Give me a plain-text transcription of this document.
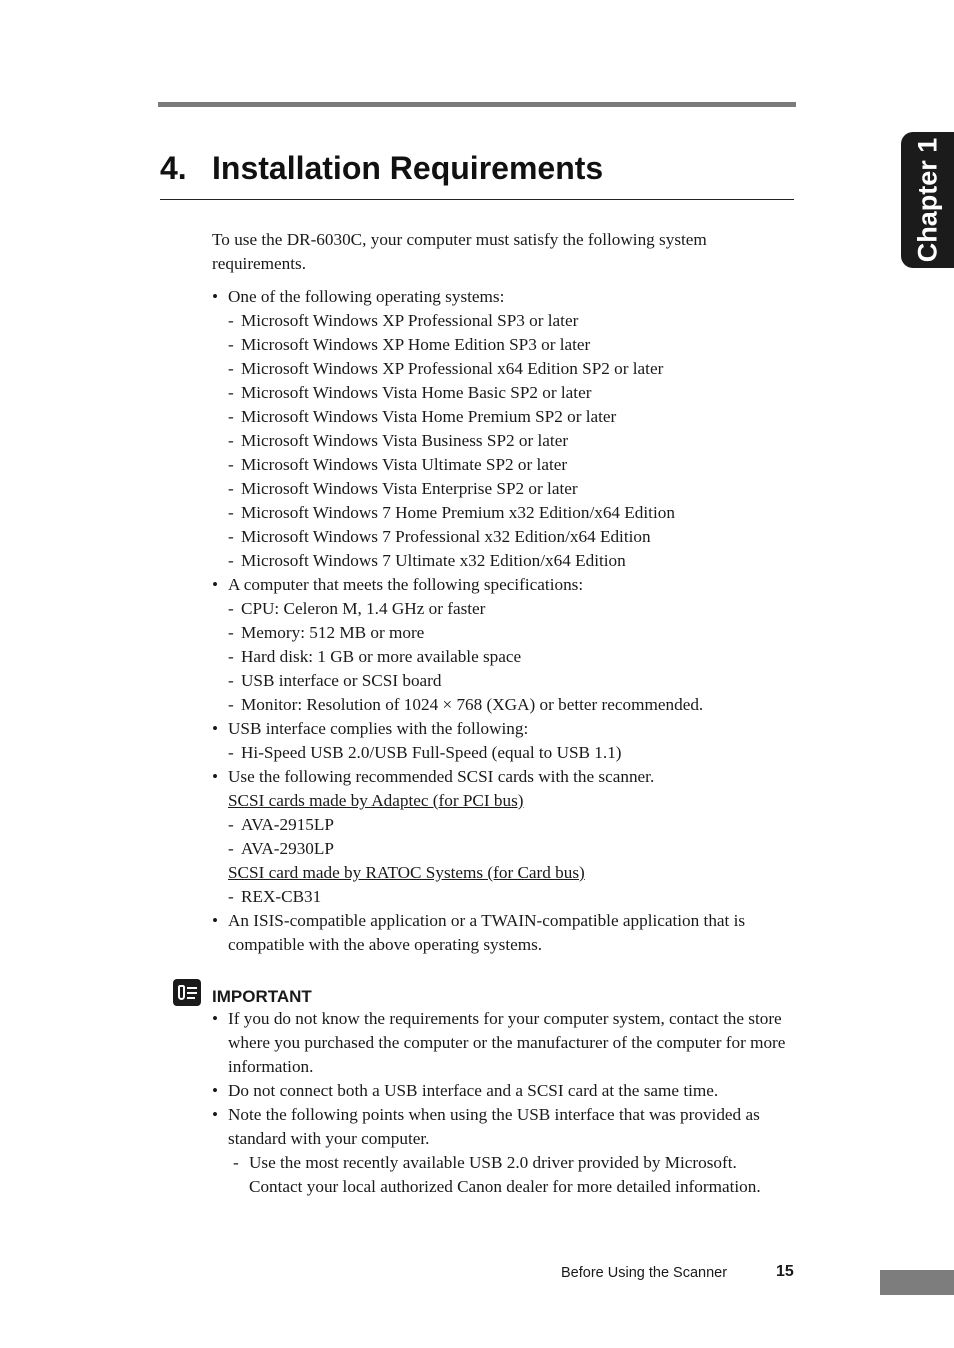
4. Installation Requirements	Chapter 1

To use the DR-6030C, your computer must satisfy the following system requirements.

• One of the following operating systems:
- Microsoft Windows XP Professional SP3 or later
- Microsoft Windows XP Home Edition SP3 or later
- Microsoft Windows XP Professional x64 Edition SP2 or later
- Microsoft Windows Vista Home Basic SP2 or later
- Microsoft Windows Vista Home Premium SP2 or later
- Microsoft Windows Vista Business SP2 or later
- Microsoft Windows Vista Ultimate SP2 or later
- Microsoft Windows Vista Enterprise SP2 or later
- Microsoft Windows 7 Home Premium x32 Edition/x64 Edition
- Microsoft Windows 7 Professional x32 Edition/x64 Edition
- Microsoft Windows 7 Ultimate x32 Edition/x64 Edition
• A computer that meets the following specifications:
- CPU: Celeron M, 1.4 GHz or faster
- Memory: 512 MB or more
- Hard disk: 1 GB or more available space
- USB interface or SCSI board
- Monitor: Resolution of 1024 × 768 (XGA) or better recommended.
• USB interface complies with the following:
- Hi-Speed USB 2.0/USB Full-Speed (equal to USB 1.1)
• Use the following recommended SCSI cards with the scanner.
SCSI cards made by Adaptec (for PCI bus)
- AVA-2915LP
- AVA-2930LP
SCSI card made by RATOC Systems (for Card bus)
- REX-CB31
• An ISIS-compatible application or a TWAIN-compatible application that is compatible with the above operating systems.
IMPORTANT
• If you do not know the requirements for your computer system, contact the store where you purchased the computer or the manufacturer of the computer for more information.
• Do not connect both a USB interface and a SCSI card at the same time.
• Note the following points when using the USB interface that was provided as standard with your computer.
- Use the most recently available USB 2.0 driver provided by Microsoft. Contact your local authorized Canon dealer for more detailed information.
Before Using the Scanner	15
